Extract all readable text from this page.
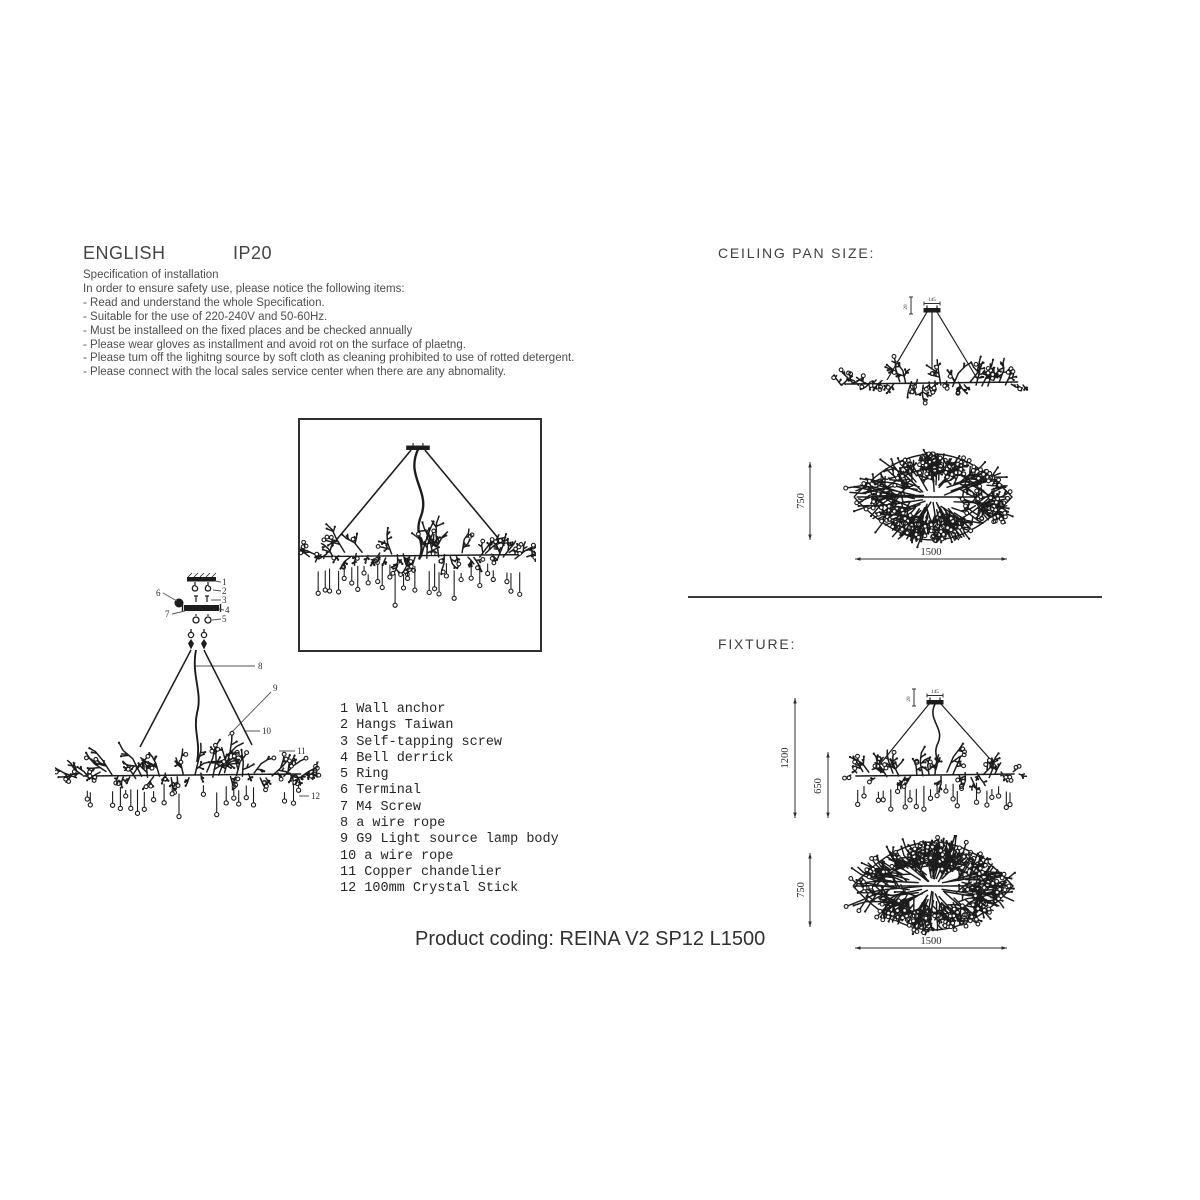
ENGLISH	IP20
Specification of installation
In order to ensure safety use, please notice the following items:
- Read and understand the whole Specification.
- Suitable for the use of 220-240V and 50-60Hz.
- Must be installeed on the fixed places and be checked annually
- Please wear gloves as installment and avoid rot on the surface of plaetng.
- Please tum off the lighitng source by soft cloth as cleaning prohibited to use of rotted detergent.
- Please connect with the local sales service center when there are any abnomality.
1
2
3
4
5
6
7
8
9
10
11
12
1 Wall anchor
2 Hangs Taiwan
3 Self-tapping screw
4 Bell derrick
5 Ring
6 Terminal
7 M4 Screw
8 a wire rope
9 G9 Light source lamp body
10 a wire rope
11 Copper chandelier
12 100mm Crystal Stick
Product coding: REINA V2 SP12 L1500
CEILING PAN SIZE:
145
20
750
1500
FIXTURE:
1200
650
145
20
750
1500
